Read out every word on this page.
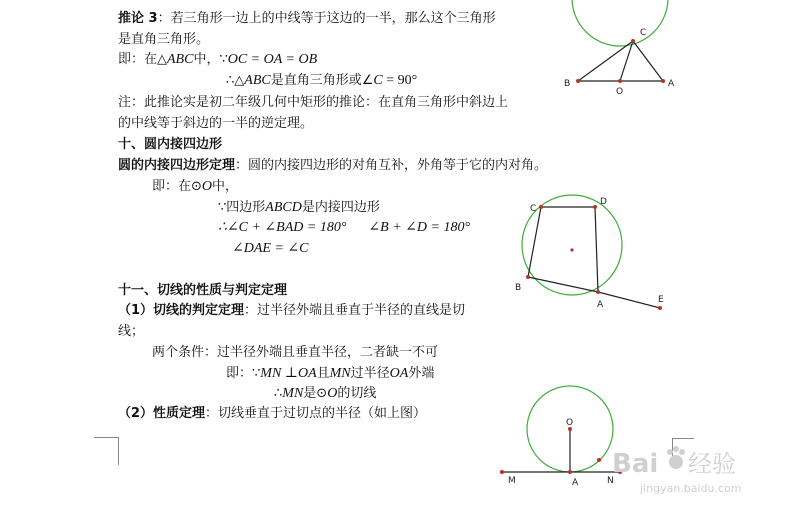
推论 3：若三角形一边上的中线等于这边的一半，那么这个三角形
是直角三角形。
即：在△ABC中，∵OC = OA = OB
∴△ABC是直角三角形或∠C = 90°
注：此推论实是初二年级几何中矩形的推论：在直角三角形中斜边上
的中线等于斜边的一半的逆定理。
十、圆内接四边形
圆的内接四边形定理：圆的内接四边形的对角互补，外角等于它的内对角。
即：在⊙O中，
∵四边形ABCD是内接四边形
∴∠C + ∠BAD = 180° ∠B + ∠D = 180°
∠DAE = ∠C
十一、切线的性质与判定定理
（1）切线的判定定理：过半径外端且垂直于半径的直线是切
线；
两个条件：过半径外端且垂直半径，二者缺一不可
即：∵MN ⊥OA且MN过半径OA外端
∴MN是⊙O的切线
（2）性质定理：切线垂直于过切点的半径（如上图）
C
B
O
A
C
D
B
A	E
O
M	A	N
Bai 经验
jingyan.baidu.com
